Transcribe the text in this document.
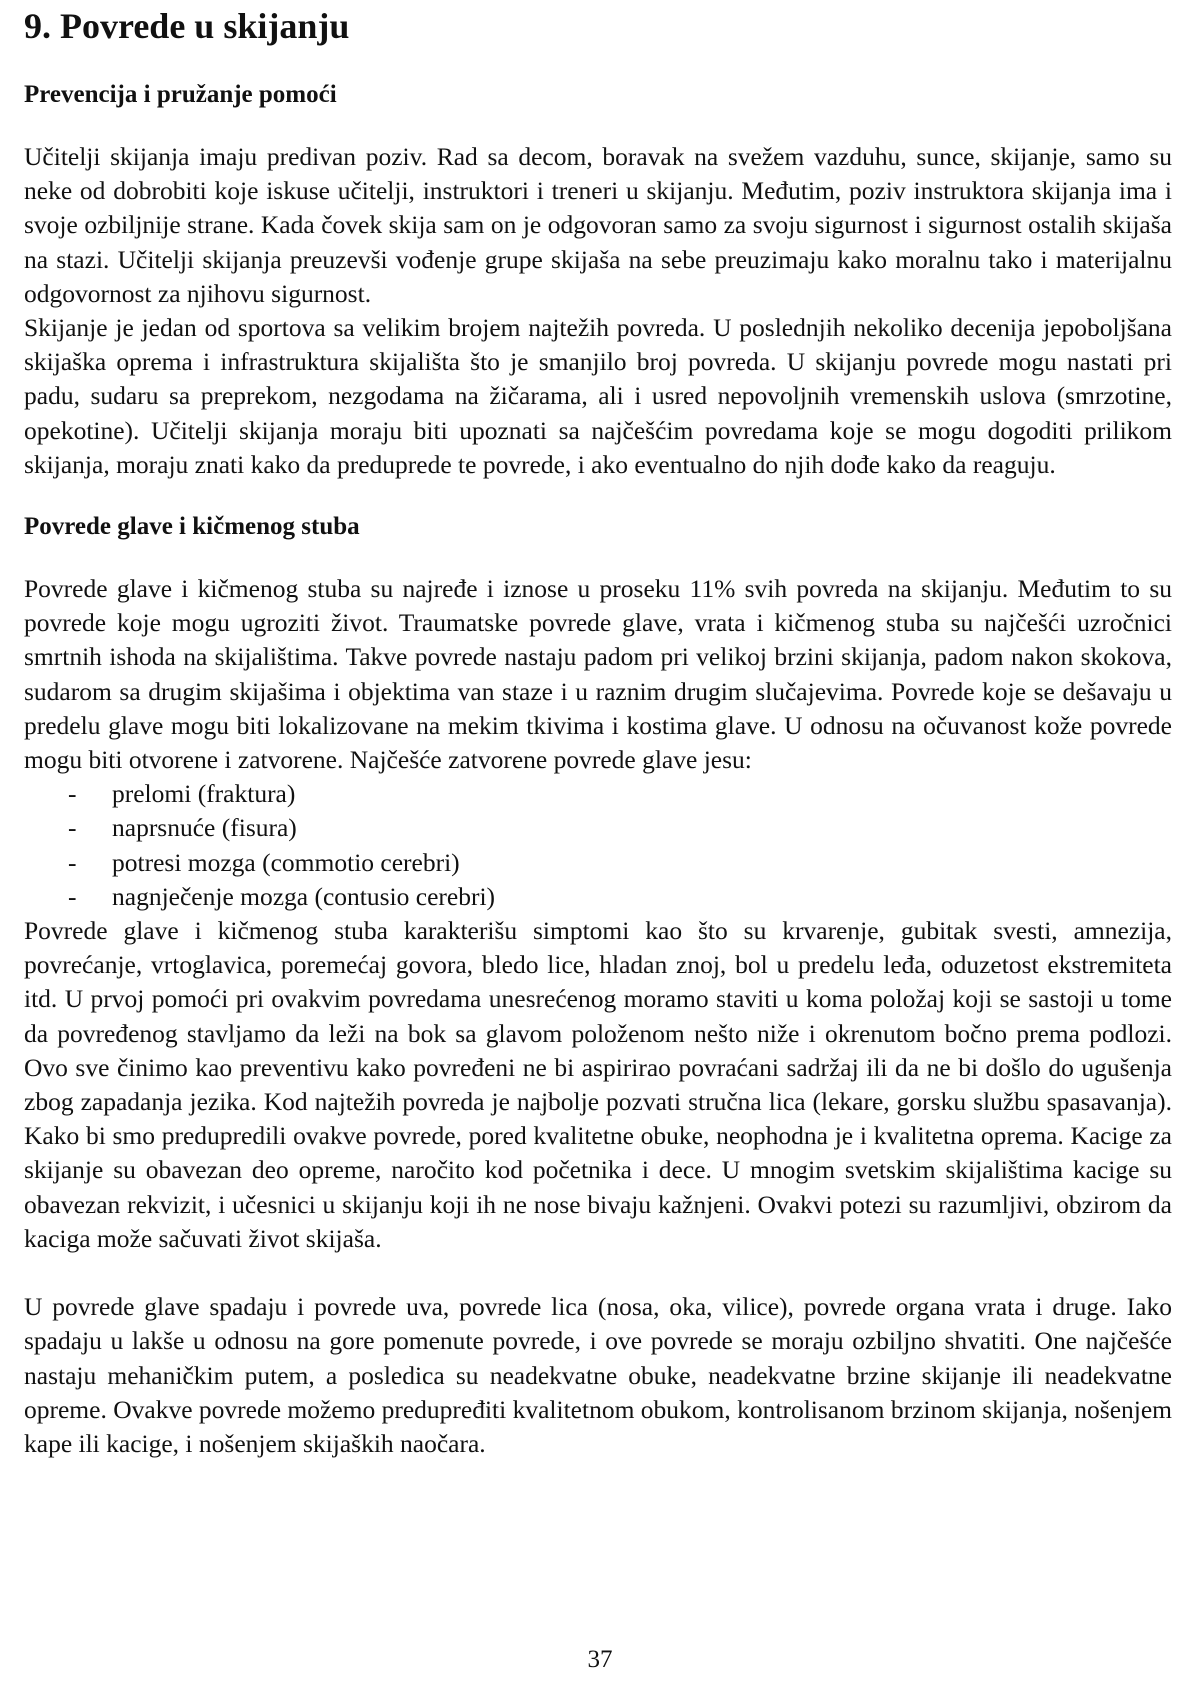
9. Povrede u skijanju
Prevencija i pružanje pomoći

Učitelji skijanja imaju predivan poziv. Rad sa decom, boravak na svežem vazduhu, sunce, skijanje, samo su neke od dobrobiti koje iskuse učitelji, instruktori i treneri u skijanju. Međutim, poziv instruktora skijanja ima i svoje ozbiljnije strane. Kada čovek skija sam on je odgovoran samo za svoju sigurnost i sigurnost ostalih skijaša na stazi. Učitelji skijanja preuzevši vođenje grupe skijaša na sebe preuzimaju kako moralnu tako i materijalnu odgovornost za njihovu sigurnost.

Skijanje je jedan od sportova sa velikim brojem najtežih povreda. U poslednjih nekoliko decenija jepoboljšana skijaška oprema i infrastruktura skijališta što je smanjilo broj povreda. U skijanju povrede mogu nastati pri padu, sudaru sa preprekom, nezgodama na žičarama, ali i usred nepovoljnih vremenskih uslova (smrzotine, opekotine). Učitelji skijanja moraju biti upoznati sa najčešćim povredama koje se mogu dogoditi prilikom skijanja, moraju znati kako da preduprede te povrede, i ako eventualno do njih dođe kako da reaguju.

Povrede glave i kičmenog stuba

Povrede glave i kičmenog stuba su najređe i iznose u proseku 11% svih povreda na skijanju. Međutim to su povrede koje mogu ugroziti život. Traumatske povrede glave, vrata i kičmenog stuba su najčešći uzročnici smrtnih ishoda na skijalištima. Takve povrede nastaju padom pri velikoj brzini skijanja, padom nakon skokova, sudarom sa drugim skijašima i objektima van staze i u raznim drugim slučajevima. Povrede koje se dešavaju u predelu glave mogu biti lokalizovane na mekim tkivima i kostima glave. U odnosu na očuvanost kože povrede mogu biti otvorene i zatvorene. Najčešće zatvorene povrede glave jesu:

- prelomi (fraktura)
- naprsnuće (fisura)
- potresi mozga (commotio cerebri)
- nagnječenje mozga (contusio cerebri)

Povrede glave i kičmenog stuba karakterišu simptomi kao što su krvarenje, gubitak svesti, amnezija, povrećanje, vrtoglavica, poremećaj govora, bledo lice, hladan znoj, bol u predelu leđa, oduzetost ekstremiteta itd. U prvoj pomoći pri ovakvim povredama unesrećenog moramo staviti u koma položaj koji se sastoji u tome da povređenog stavljamo da leži na bok sa glavom položenom nešto niže i okrenutom bočno prema podlozi. Ovo sve činimo kao preventivu kako povređeni ne bi aspirirao povraćani sadržaj ili da ne bi došlo do ugušenja zbog zapadanja jezika. Kod najtežih povreda je najbolje pozvati stručna lica (lekare, gorsku službu spasavanja). Kako bi smo predupredili ovakve povrede, pored kvalitetne obuke, neophodna je i kvalitetna oprema. Kacige za skijanje su obavezan deo opreme, naročito kod početnika i dece. U mnogim svetskim skijalištima kacige su obavezan rekvizit, i učesnici u skijanju koji ih ne nose bivaju kažnjeni. Ovakvi potezi su razumljivi, obzirom da kaciga može sačuvati život skijaša.

U povrede glave spadaju i povrede uva, povrede lica (nosa, oka, vilice), povrede organa vrata i druge. Iako spadaju u lakše u odnosu na gore pomenute povrede, i ove povrede se moraju ozbiljno shvatiti. One najčešće nastaju mehaničkim putem, a posledica su neadekvatne obuke, neadekvatne brzine skijanje ili neadekvatne opreme. Ovakve povrede možemo predupređiti kvalitetnom obukom, kontrolisanom brzinom skijanja, nošenjem kape ili kacige, i nošenjem skijaških naočara.

37
